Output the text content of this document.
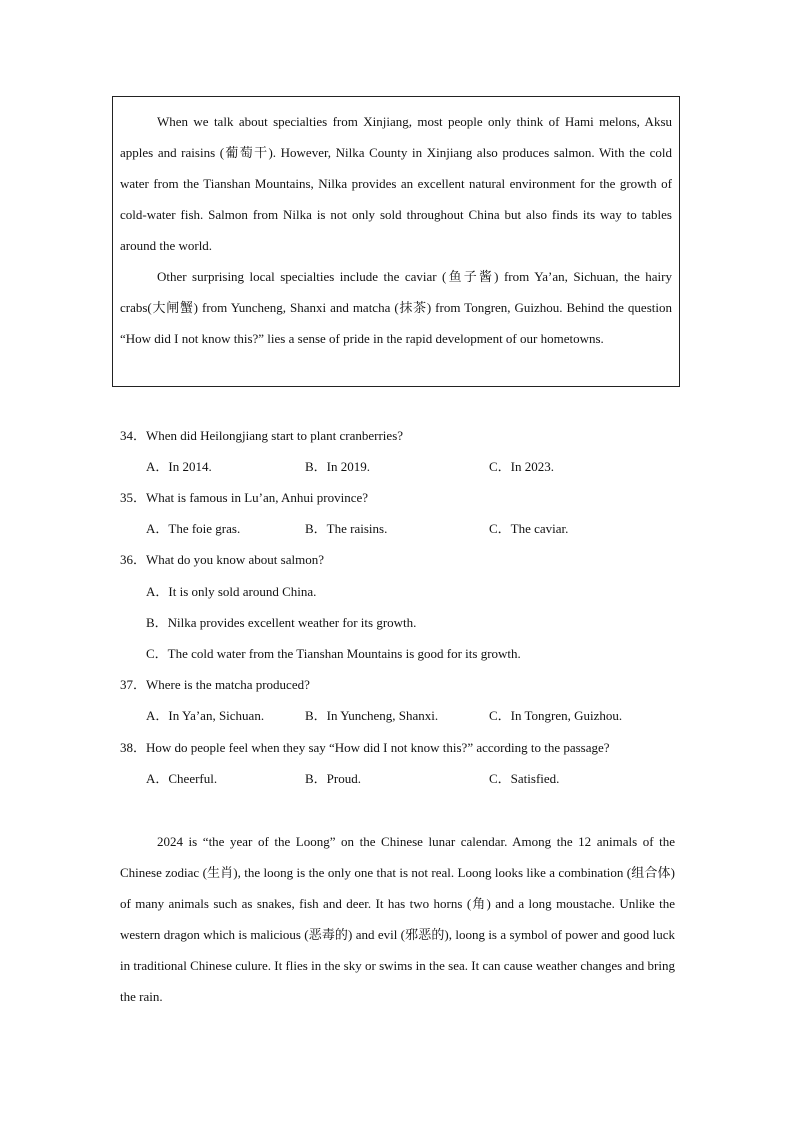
When we talk about specialties from Xinjiang, most people only think of Hami melons, Aksu apples and raisins (葡萄干). However, Nilka County in Xinjiang also produces salmon. With the cold water from the Tianshan Mountains, Nilka provides an excellent natural environment for the growth of cold-water fish. Salmon from Nilka is not only sold throughout China but also finds its way to tables around the world.

Other surprising local specialties include the caviar (鱼子酱) from Ya’an, Sichuan, the hairy crabs(大闸蟹) from Yuncheng, Shanxi and matcha (抹茶) from Tongren, Guizhou. Behind the question “How did I not know this?” lies a sense of pride in the rapid development of our hometowns.

34．When did Heilongjiang start to plant cranberries?

A．In 2014.	B．In 2019.	C．In 2023.

35．What is famous in Lu’an, Anhui province?

A．The foie gras.	B．The raisins.	C．The caviar.

36．What do you know about salmon?

A．It is only sold around China.

B．Nilka provides excellent weather for its growth.

C．The cold water from the Tianshan Mountains is good for its growth.

37．Where is the matcha produced?

A．In Ya’an, Sichuan.	B．In Yuncheng, Shanxi.	C．In Tongren, Guizhou.

38．How do people feel when they say “How did I not know this?” according to the passage?

A．Cheerful.	B．Proud.	C．Satisfied.

2024 is “the year of the Loong” on the Chinese lunar calendar. Among the 12 animals of the Chinese zodiac (生肖), the loong is the only one that is not real. Loong looks like a combination (组合体) of many animals such as snakes, fish and deer. It has two horns (角) and a long moustache. Unlike the western dragon which is malicious (恶毒的) and evil (邪恶的), loong is a symbol of power and good luck in traditional Chinese culure. It flies in the sky or swims in the sea. It can cause weather changes and bring the rain.
